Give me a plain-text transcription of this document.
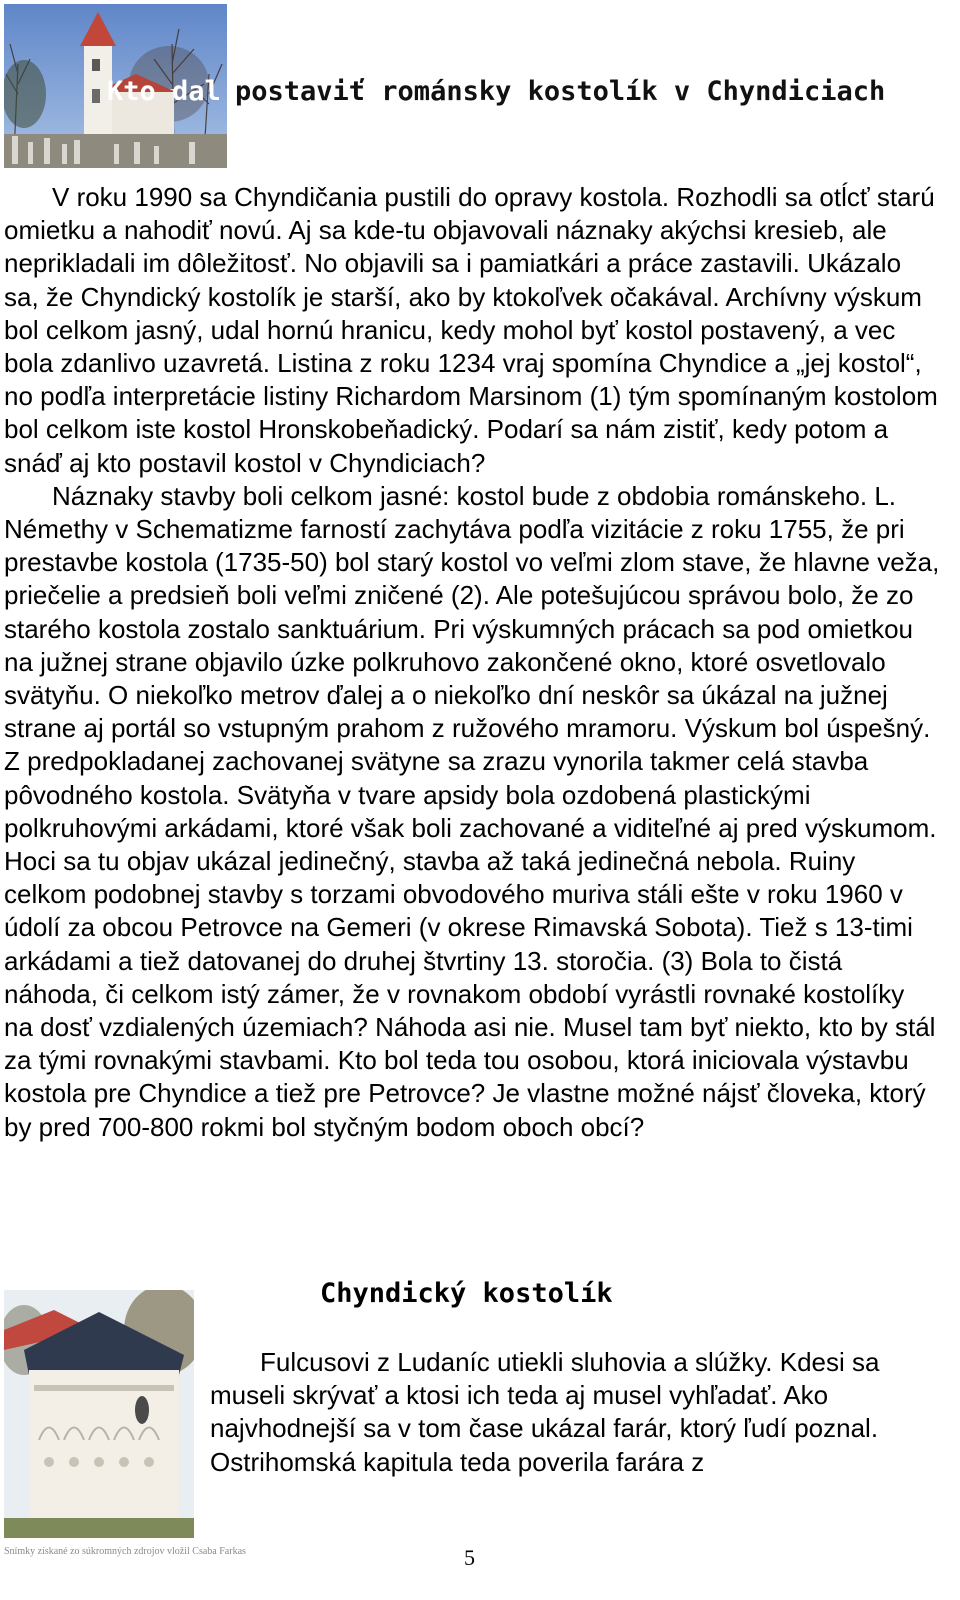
Kto dal postaviť románsky kostolík v Chyndiciach

V roku 1990 sa Chyndičania pustili do opravy kostola. Rozhodli sa otĺcť starú omietku a nahodiť novú. Aj sa kde-tu objavovali náznaky akýchsi kresieb, ale neprikladali im dôležitosť. No objavili sa i pamiatkári a práce zastavili. Ukázalo sa, že Chyndický kostolík je starší, ako by ktokoľvek očakával. Archívny výskum bol celkom jasný, udal hornú hranicu, kedy mohol byť kostol postavený, a vec bola zdanlivo uzavretá. Listina z roku 1234 vraj spomína Chyndice a „jej kostol“, no podľa interpretácie listiny Richardom Marsinom (1) tým spomínaným kostolom bol celkom iste kostol Hronskobeňadický. Podarí sa nám zistiť, kedy potom a snáď aj kto postavil kostol v Chyndiciach?

Náznaky stavby boli celkom jasné: kostol bude z obdobia románskeho. L. Némethy v Schematizme farností zachytáva podľa vizitácie z roku 1755, že pri prestavbe kostola (1735-50) bol starý kostol vo veľmi zlom stave, že hlavne veža, priečelie a predsieň boli veľmi zničené (2). Ale potešujúcou správou bolo, že zo starého kostola zostalo sanktuárium. Pri výskumných prácach sa pod omietkou na južnej strane objavilo úzke polkruhovo zakončené okno, ktoré osvetlovalo svätyňu. O niekoľko metrov ďalej a o niekoľko dní neskôr sa úkázal na južnej strane aj portál so vstupným prahom z ružového mramoru. Výskum bol úspešný. Z predpokladanej zachovanej svätyne sa zrazu vynorila takmer celá stavba pôvodného kostola. Svätyňa v tvare apsidy bola ozdobená plastickými polkruhovými arkádami, ktoré však boli zachované a viditeľné aj pred výskumom. Hoci sa tu objav ukázal jedinečný, stavba až taká jedinečná nebola. Ruiny celkom podobnej stavby s torzami obvodového muriva stáli ešte v roku 1960 v údolí za obcou Petrovce na Gemeri (v okrese Rimavská Sobota). Tiež s 13-timi arkádami a tiež datovanej do druhej štvrtiny 13. storočia. (3) Bola to čistá náhoda, či celkom istý zámer, že v rovnakom období vyrástli rovnaké kostolíky na dosť vzdialených územiach? Náhoda asi nie. Musel tam byť niekto, kto by stál za tými rovnakými stavbami. Kto bol teda tou osobou, ktorá iniciovala výstavbu kostola pre Chyndice a tiež pre Petrovce? Je vlastne možné nájsť človeka, ktorý by pred 700-800 rokmi bol styčným bodom oboch obcí?

Chyndický kostolík

Fulcusovi z Ludaníc utiekli sluhovia a slúžky. Kdesi sa museli skrývať a ktosi ich teda aj musel vyhľadať. Ako najvhodnejší sa v tom čase ukázal farár, ktorý ľudí poznal. Ostrihomská kapitula teda poverila farára z

Snímky získané zo súkromných zdrojov vložil Csaba Farkas	5
